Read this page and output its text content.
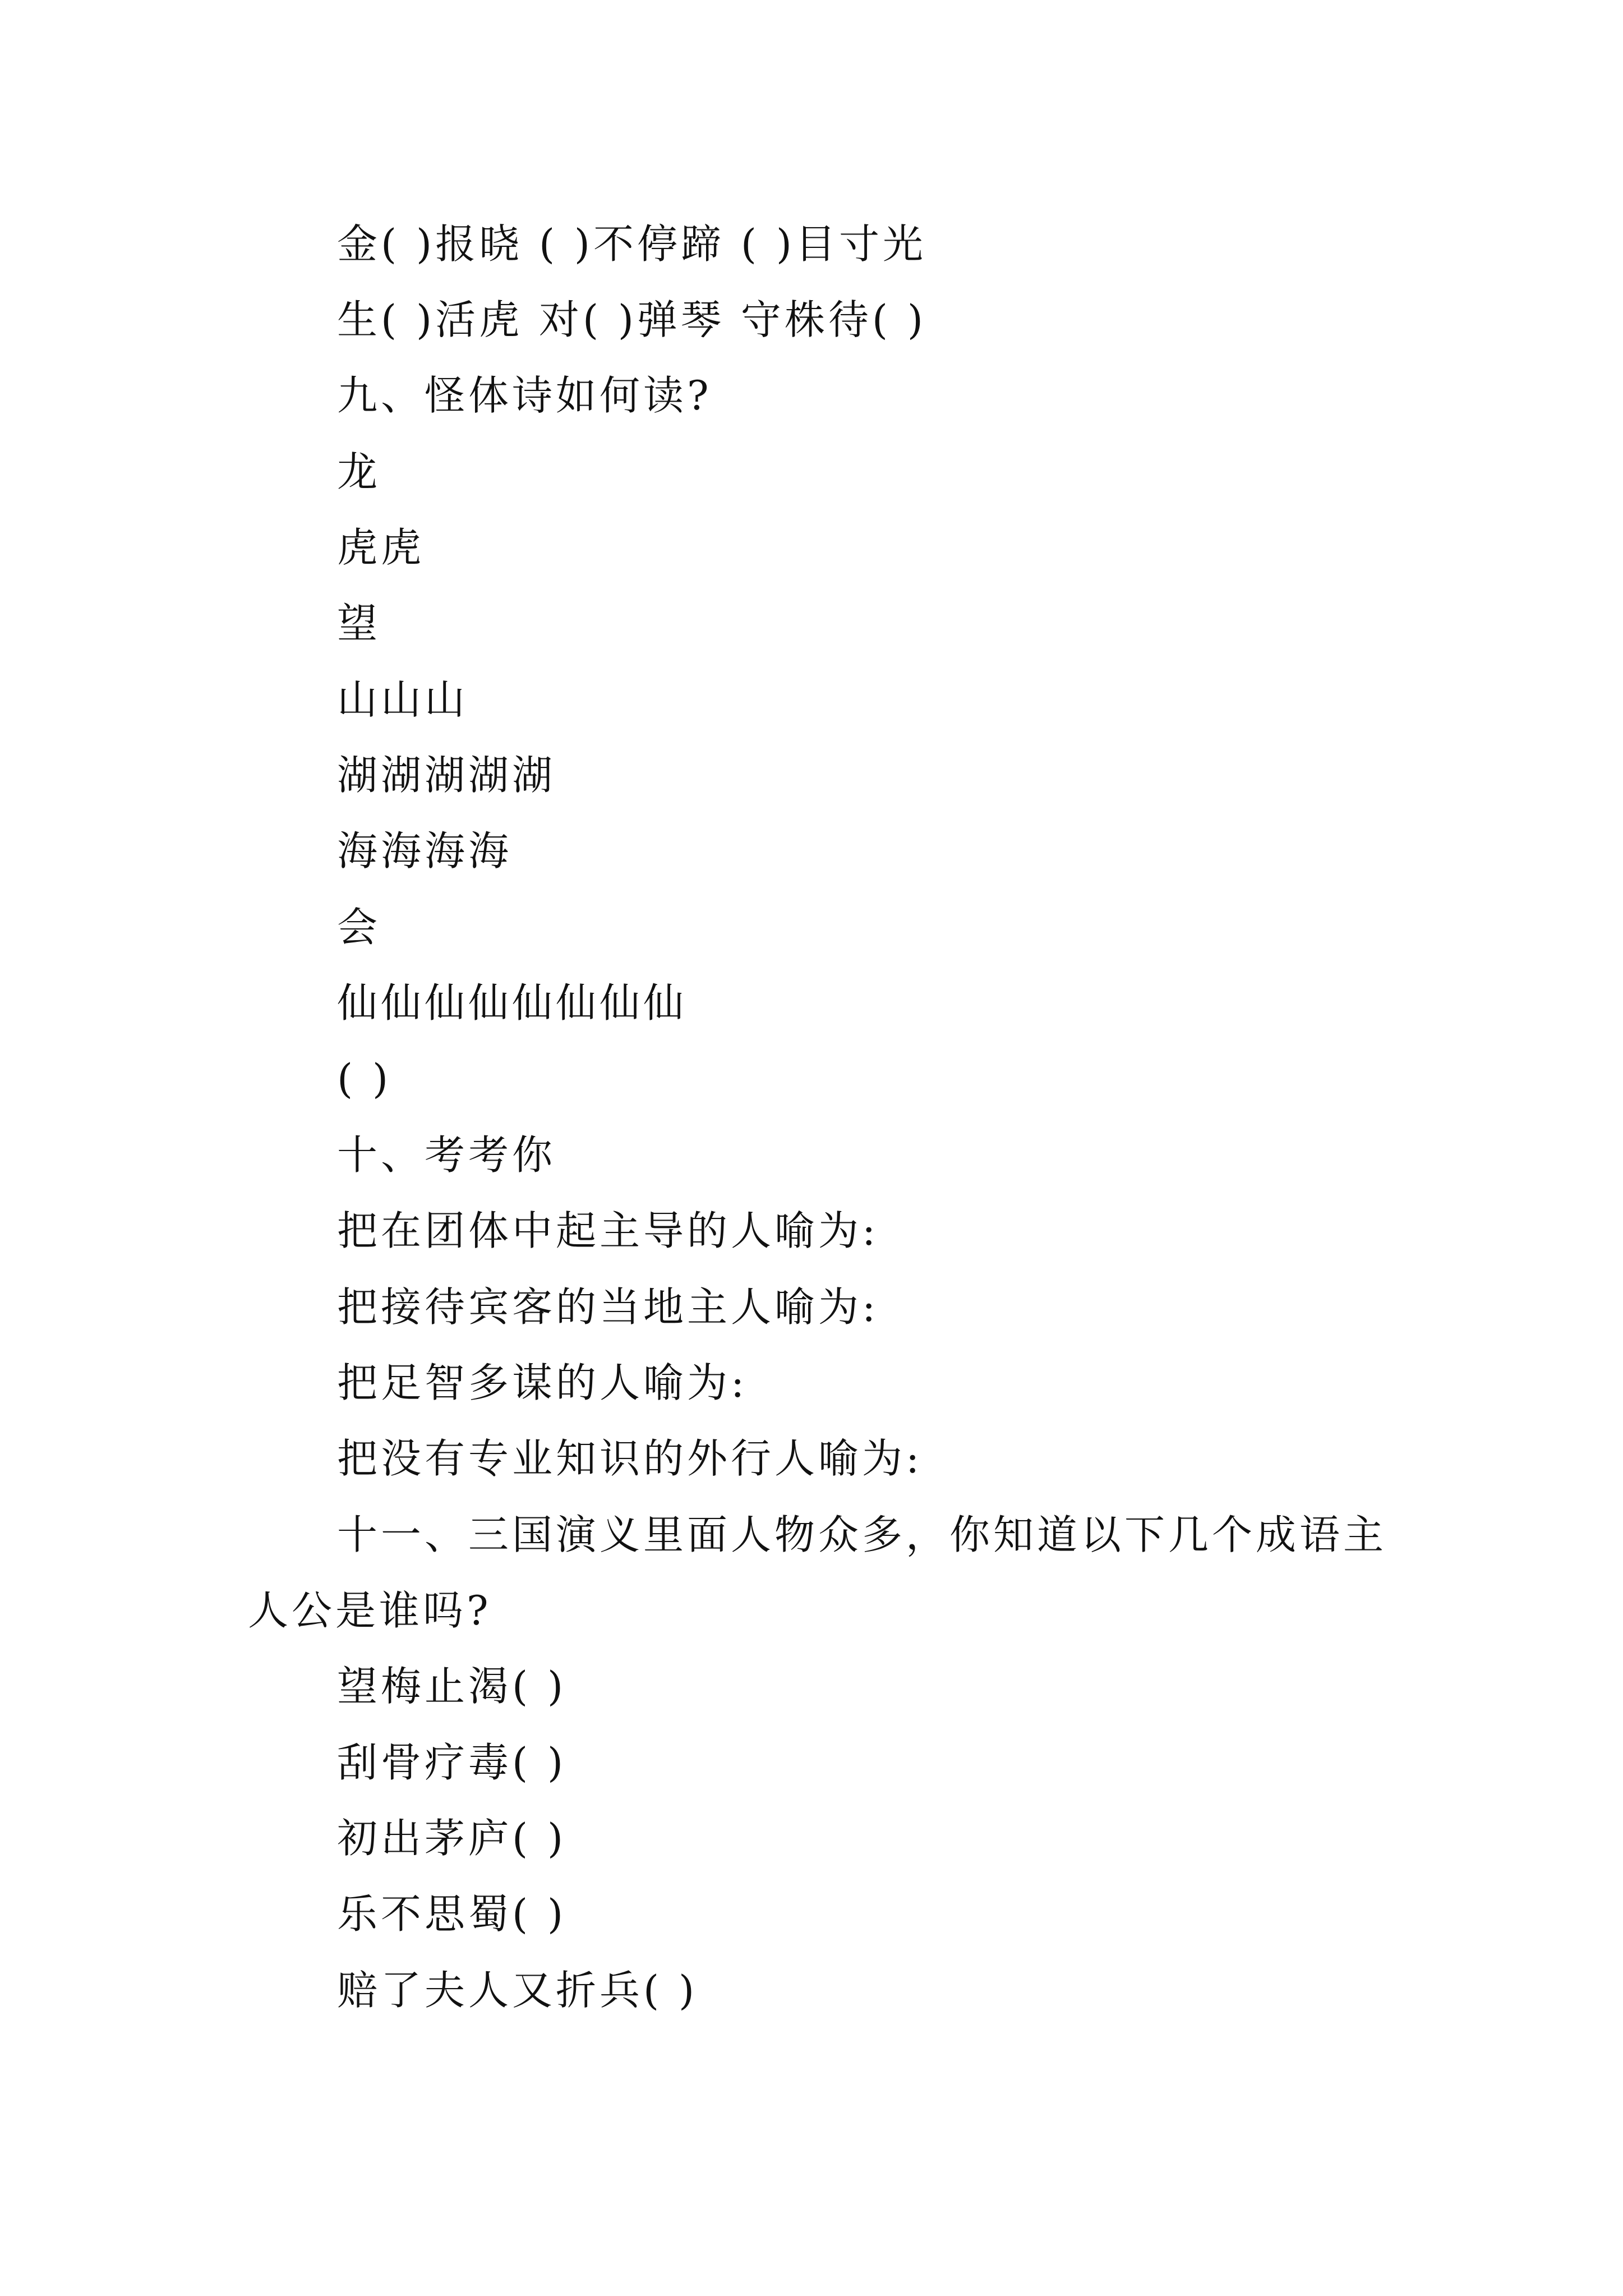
金( )报晓 ( )不停蹄 ( )目寸光
生( )活虎 对( )弹琴 守株待( )
九、怪体诗如何读?
龙
虎虎
望
山山山
湖湖湖湖湖
海海海海
会
仙仙仙仙仙仙仙仙
( )
十、考考你
把在团体中起主导的人喻为:
把接待宾客的当地主人喻为:
把足智多谋的人喻为:
把没有专业知识的外行人喻为:
十一、三国演义里面人物众多，你知道以下几个成语主
人公是谁吗?
望梅止渴( )
刮骨疗毒( )
初出茅庐( )
乐不思蜀( )
赔了夫人又折兵( )
